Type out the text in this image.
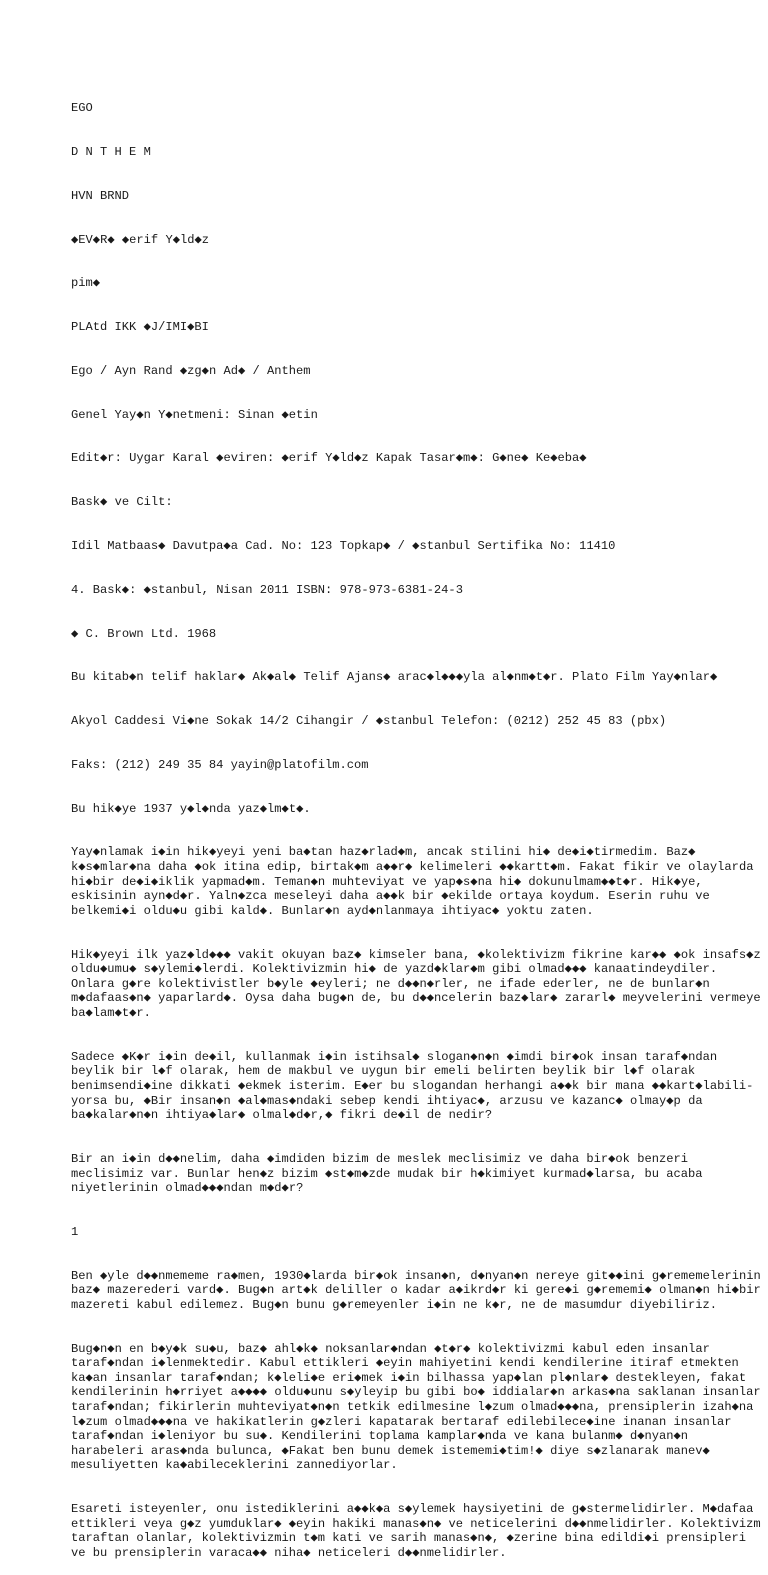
EGO

D N T H E M

HVN BRND

◆EV◆R◆ ◆erif Y◆ld◆z

pim◆

PLAtd IKK ◆J/IMI◆BI

Ego / Ayn Rand ◆zg◆n Ad◆ / Anthem

Genel Yay◆n Y◆netmeni: Sinan ◆etin

Edit◆r: Uygar Karal ◆eviren: ◆erif Y◆ld◆z Kapak Tasar◆m◆: G◆ne◆ Ke◆eba◆

Bask◆ ve Cilt:

Idil Matbaas◆ Davutpa◆a Cad. No: 123 Topkap◆ / ◆stanbul Sertifika No: 11410

4. Bask◆: ◆stanbul, Nisan 2011 ISBN: 978-973-6381-24-3

◆ C. Brown Ltd. 1968

Bu kitab◆n telif haklar◆ Ak◆al◆ Telif Ajans◆ arac◆l◆◆◆yla al◆nm◆t◆r. Plato Film Yay◆nlar◆

Akyol Caddesi Vi◆ne Sokak 14/2 Cihangir / ◆stanbul Telefon: (0212) 252 45 83 (pbx)

Faks: (212) 249 35 84 yayin@platofilm.com

Bu hik◆ye 1937 y◆l◆nda yaz◆lm◆t◆.

Yay◆nlamak i◆in hik◆yeyi yeni ba◆tan haz◆rlad◆m, ancak stilini hi◆ de◆i◆tirmedim. Baz◆ k◆s◆mlar◆na daha ◆ok itina edip, birtak◆m a◆◆r◆ kelimeleri ◆◆kartt◆m. Fakat fikir ve olaylarda hi◆bir de◆i◆iklik yapmad◆m. Teman◆n muhteviyat ve yap◆s◆na hi◆ dokunulmam◆◆t◆r. Hik◆ye, eskisinin ayn◆d◆r. Yaln◆zca meseleyi daha a◆◆k bir ◆ekilde ortaya koydum. Eserin ruhu ve belkemi◆i oldu◆u gibi kald◆. Bunlar◆n ayd◆nlanmaya ihtiyac◆ yoktu zaten.

Hik◆yeyi ilk yaz◆ld◆◆◆ vakit okuyan baz◆ kimseler bana, ◆kolektivizm fikrine kar◆◆ ◆ok insafs◆z oldu◆umu◆ s◆ylemi◆lerdi. Kolektivizmin hi◆ de yazd◆klar◆m gibi olmad◆◆◆ kanaatindeydiler. Onlara g◆re kolektivistler b◆yle ◆eyleri; ne d◆◆n◆rler, ne ifade ederler, ne de bunlar◆n m◆dafaas◆n◆ yaparlard◆. Oysa daha bug◆n de, bu d◆◆ncelerin baz◆lar◆ zararl◆ meyvelerini vermeye ba◆lam◆t◆r.

Sadece ◆K◆r i◆in de◆il, kullanmak i◆in istihsal◆ slogan◆n◆n ◆imdi bir◆ok insan taraf◆ndan beylik bir l◆f olarak, hem de makbul ve uygun bir emeli belirten beylik bir l◆f olarak benimsendi◆ine dikkati ◆ekmek isterim. E◆er bu slogandan herhangi a◆◆k bir mana ◆◆kart◆labili-yorsa bu, ◆Bir insan◆n ◆al◆mas◆ndaki sebep kendi ihtiyac◆, arzusu ve kazanc◆ olmay◆p da ba◆kalar◆n◆n ihtiyа◆lar◆ olmal◆d◆r,◆ fikri de◆il de nedir?

Bir an i◆in d◆◆nelim, daha ◆imdiden bizim de meslek meclisimiz ve daha bir◆ok benzeri meclisimiz var. Bunlar hen◆z bizim ◆st◆m◆zde mudak bir h◆kimiyet kurmad◆larsa, bu acaba niyetlerinin olmad◆◆◆ndan m◆d◆r?

1

Ben ◆yle d◆◆nmememe ra◆men, 1930◆larda bir◆ok insan◆n, d◆nyan◆n nereye git◆◆ini g◆rememelerinin baz◆ mazerederi vard◆. Bug◆n art◆k deliller o kadar a◆ikrd◆r ki gere◆i g◆rememi◆ olman◆n hi◆bir mazereti kabul edilemez. Bug◆n bunu g◆remeyenler i◆in ne k◆r, ne de masumdur diyebiliriz.

Bug◆n◆n en b◆y◆k su◆u, baz◆ ahl◆k◆ noksanlar◆ndan ◆t◆r◆ kolektivizmi kabul eden insanlar taraf◆ndan i◆lenmektedir. Kabul ettikleri ◆eyin mahiyetini kendi kendilerine itiraf etmekten ka◆an insanlar taraf◆ndan; k◆leli◆e eri◆mek i◆in bilhassa yap◆lan pl◆nlar◆ destekleyen, fakat kendilerinin h◆rriyet a◆◆◆◆ oldu◆unu s◆yleyip bu gibi bo◆ iddialar◆n arkas◆na saklanan insanlar taraf◆ndan; fikirlerin muhteviyat◆n◆n tetkik edilmesine l◆zum olmad◆◆◆na, prensiplerin izah◆na l◆zum olmad◆◆◆na ve hakikatlerin g◆zleri kapatarak bertaraf edilebilece◆ine inanan insanlar taraf◆ndan i◆leniyor bu su◆. Kendilerini toplama kamplar◆nda ve kana bulanm◆ d◆nyan◆n harabeleri aras◆nda bulunca, ◆Fakat ben bunu demek istememi◆tim!◆ diye s◆zlanarak manev◆ mesuliyetten ka◆abileceklerini zannediyorlar.

Esareti isteyenler, onu istediklerini a◆◆k◆a s◆ylemek haysiyetini de g◆stermelidirler. M◆dafaa ettikleri veya g◆z yumduklar◆ ◆eyin hakiki manas◆n◆ ve neticelerini d◆◆nmelidirler. Kolektivizm taraftan olanlar, kolektivizmin t◆m kati ve sarih manas◆n◆, ◆zerine bina edildi◆i prensipleri ve bu prensiplerin varaca◆◆ niha◆ neticeleri d◆◆nmelidirler.
